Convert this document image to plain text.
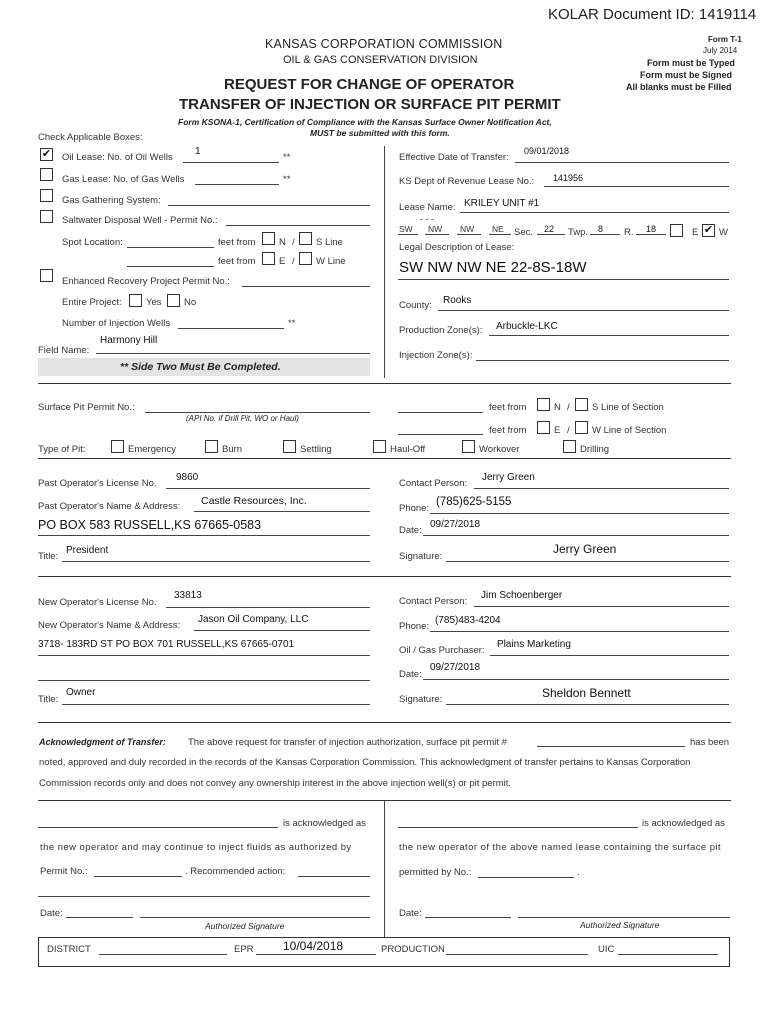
KOLAR Document ID: 1419114
KANSAS CORPORATION COMMISSION
OIL & GAS CONSERVATION DIVISION
REQUEST FOR CHANGE OF OPERATOR
TRANSFER OF INJECTION OR SURFACE PIT PERMIT
Form T-1
July 2014
Form must be Typed
Form must be Signed
All blanks must be Filled
Form KSONA-1, Certification of Compliance with the Kansas Surface Owner Notification Act,
MUST be submitted with this form.
Check Applicable Boxes:
✔ Oil Lease: No. of Oil Wells
1
**
Gas Lease: No. of Gas Wells	**
Gas Gathering System:
Saltwater Disposal Well - Permit No.:
Spot Location:	feet from N / S Line
feet from E / W Line
Enhanced Recovery Project Permit No.:
Entire Project:	Yes No
Number of Injection Wells	**
Field Name:
Harmony Hill
** Side Two Must Be Completed.
Effective Date of Transfer:
09/01/2018
KS Dept of Revenue Lease No.: 141956
Lease Name: KRILEY UNIT #1
- - -
SW NW NW NE Sec. 22 Twp. 8 R. 18	E ✔ W
Legal Description of Lease:
SW NW NW NE 22-8S-18W
County: Rooks
Production Zone(s): Arbuckle-LKC
Injection Zone(s):
Surface Pit Permit No.:
(API No. if Drill Pit, WO or Haul)
feet from	N / S Line of Section
feet from	E / W Line of Section
Type of Pit:	Emergency	Burn	Settling	Haul-Off	Workover	Drilling
Past Operator's License No.
9860
Contact Person:
Jerry Green
Past Operator's Name & Address: Castle Resources, Inc.
Phone:
(785)625-5155
PO BOX 583 RUSSELL,KS 67665-0583	Date:
09/27/2018
Title:
President
Signature:
Jerry Green
New Operator's License No.
33813
Contact Person:
Jim Schoenberger
New Operator's Name & Address:
Jason Oil Company, LLC
Phone:
(785)483-4204
3718- 183RD ST PO BOX 701 RUSSELL,KS 67665-0701
Oil / Gas Purchaser:
Plains Marketing
Date:
09/27/2018
Title:
Owner
Signature:	Sheldon Bennett
Acknowledgment of Transfer: The above request for transfer of injection authorization, surface pit permit #	has been
noted, approved and duly recorded in the records of the Kansas Corporation Commission. This acknowledgment of transfer pertains to Kansas Corporation
Commission records only and does not convey any ownership interest in the above injection well(s) or pit permit.
is acknowledged as
the new operator and may continue to inject fluids as authorized by
Permit No.:	. Recommended action:
Date:
Authorized Signature
is acknowledged as
the new operator of the above named lease containing the surface pit
permitted by No.:	.
Date:
Authorized Signature
DISTRICT	EPR 10/04/2018	PRODUCTION	UIC
